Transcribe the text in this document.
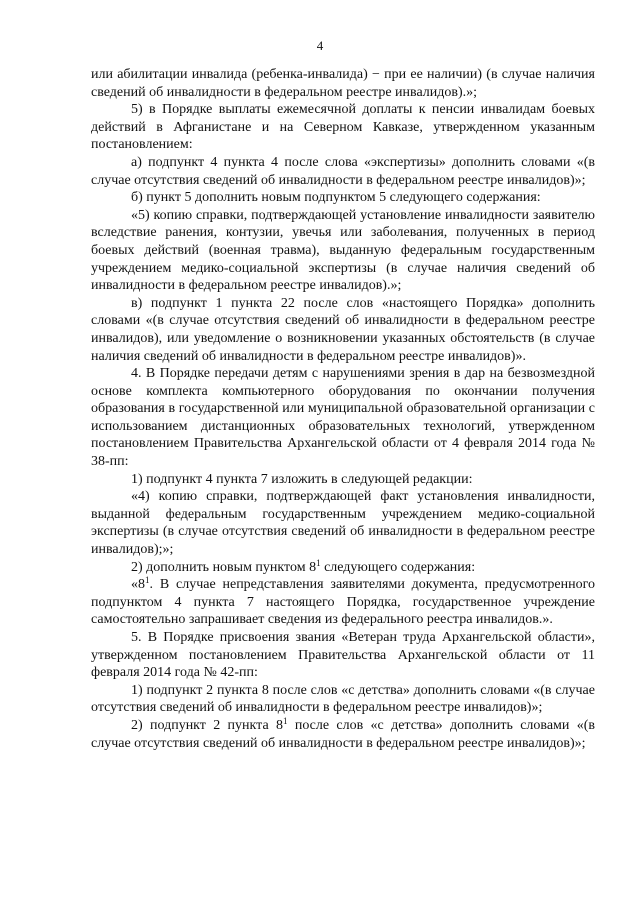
4

или абилитации инвалида (ребенка-инвалида) − при ее наличии) (в случае наличия сведений об инвалидности в федеральном реестре инвалидов).»;

5) в Порядке выплаты ежемесячной доплаты к пенсии инвалидам боевых действий в Афганистане и на Северном Кавказе, утвержденном указанным постановлением:

а) подпункт 4 пункта 4 после слова «экспертизы» дополнить словами «(в случае отсутствия сведений об инвалидности в федеральном реестре инвалидов)»;

б) пункт 5 дополнить новым подпунктом 5 следующего содержания:

«5) копию справки, подтверждающей установление инвалидности заявителю вследствие ранения, контузии, увечья или заболевания, полученных в период боевых действий (военная травма), выданную федеральным государственным учреждением медико-социальной экспертизы (в случае наличия сведений об инвалидности в федеральном реестре инвалидов).»;

в) подпункт 1 пункта 22 после слов «настоящего Порядка» дополнить словами «(в случае отсутствия сведений об инвалидности в федеральном реестре инвалидов), или уведомление о возникновении указанных обстоятельств (в случае наличия сведений об инвалидности в федеральном реестре инвалидов)».

4. В Порядке передачи детям с нарушениями зрения в дар на безвозмездной основе комплекта компьютерного оборудования по окончании получения образования в государственной или муниципальной образовательной организации с использованием дистанционных образовательных технологий, утвержденном постановлением Правительства Архангельской области от 4 февраля 2014 года № 38-пп:

1) подпункт 4 пункта 7 изложить в следующей редакции:

«4) копию справки, подтверждающей факт установления инвалидности, выданной федеральным государственным учреждением медико-социальной экспертизы (в случае отсутствия сведений об инвалидности в федеральном реестре инвалидов);»;

2) дополнить новым пунктом $8^1$ следующего содержания:

«$8^1$. В случае непредставления заявителями документа, предусмотренного подпунктом 4 пункта 7 настоящего Порядка, государственное учреждение самостоятельно запрашивает сведения из федерального реестра инвалидов.».

5. В Порядке присвоения звания «Ветеран труда Архангельской области», утвержденном постановлением Правительства Архангельской области от 11 февраля 2014 года № 42-пп:

1) подпункт 2 пункта 8 после слов «с детства» дополнить словами «(в случае отсутствия сведений об инвалидности в федеральном реестре инвалидов)»;

2) подпункт 2 пункта $8^1$ после слов «с детства» дополнить словами «(в случае отсутствия сведений об инвалидности в федеральном реестре инвалидов)»;
